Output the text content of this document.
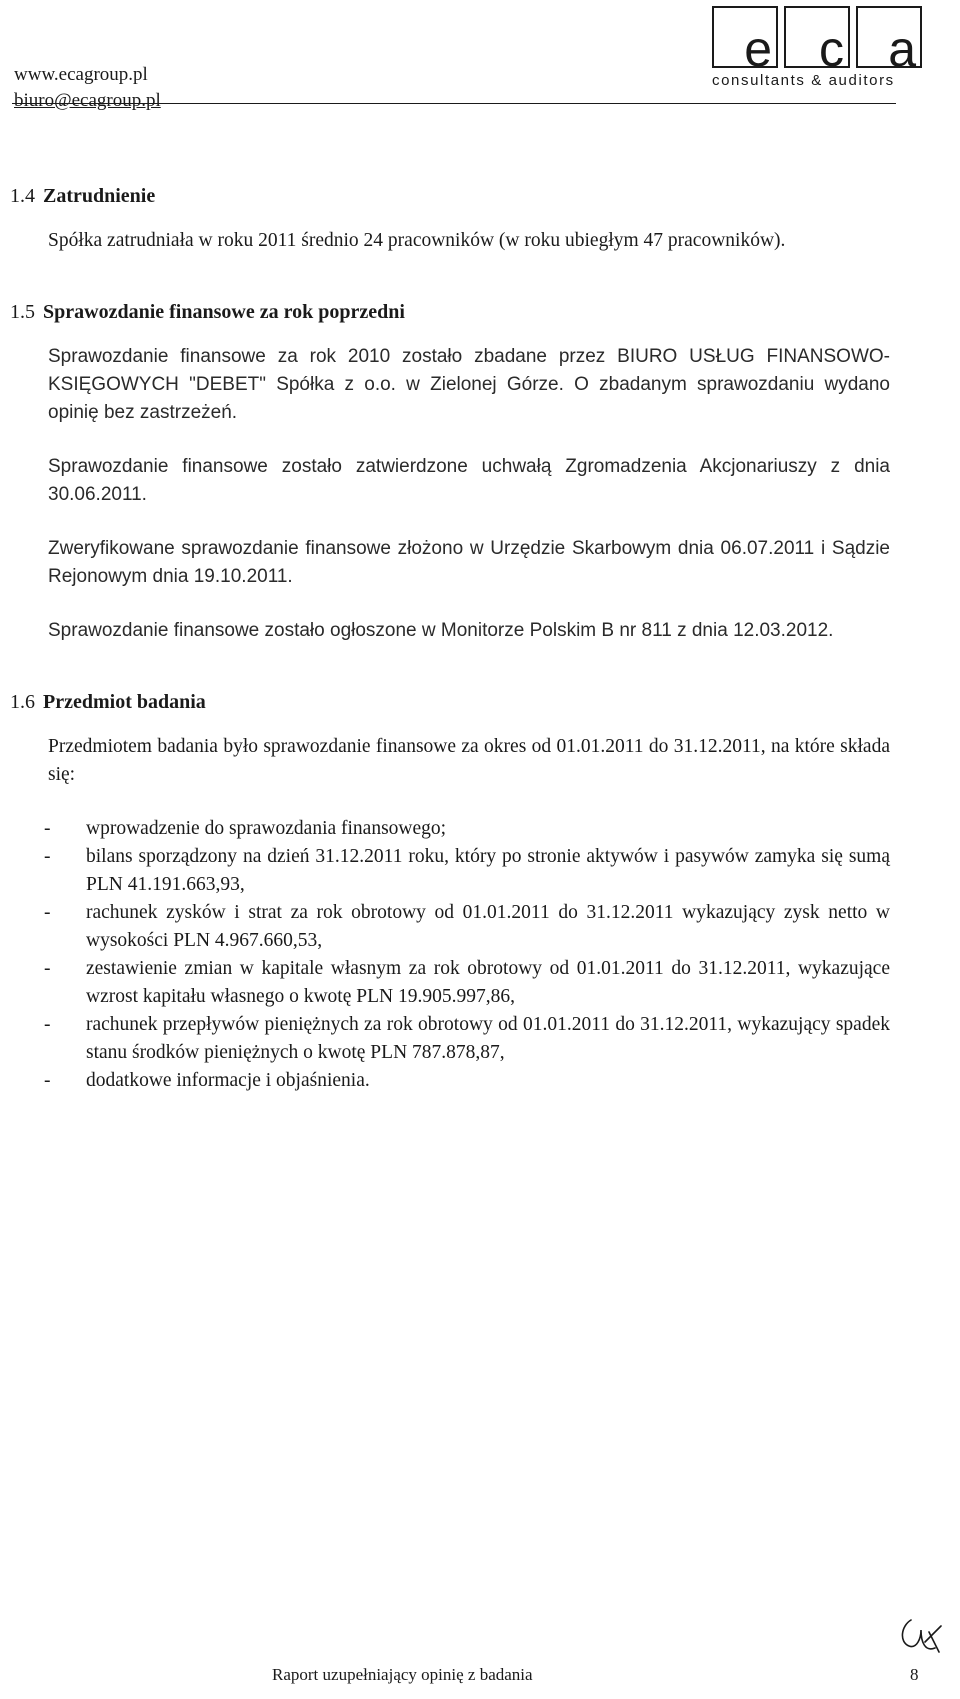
www.ecagroup.pl
biuro@ecagroup.pl
e c a
consultants & auditors
1.4 Zatrudnienie

Spółka zatrudniała w roku 2011 średnio 24 pracowników (w roku ubiegłym 47 pracowników).

1.5 Sprawozdanie finansowe za rok poprzedni

Sprawozdanie finansowe za rok 2010 zostało zbadane przez BIURO USŁUG FINANSOWO-KSIĘGOWYCH "DEBET" Spółka z o.o. w Zielonej Górze. O zbadanym sprawozdaniu wydano opinię bez zastrzeżeń.

Sprawozdanie finansowe zostało zatwierdzone uchwałą Zgromadzenia Akcjonariuszy z dnia 30.06.2011.

Zweryfikowane sprawozdanie finansowe złożono w Urzędzie Skarbowym dnia 06.07.2011 i Sądzie Rejonowym dnia 19.10.2011.

Sprawozdanie finansowe zostało ogłoszone w Monitorze Polskim B nr 811 z dnia 12.03.2012.

1.6 Przedmiot badania

Przedmiotem badania było sprawozdanie finansowe za okres od 01.01.2011 do 31.12.2011, na które składa się:

- wprowadzenie do sprawozdania finansowego;
- bilans sporządzony na dzień 31.12.2011 roku, który po stronie aktywów i pasywów zamyka się sumą PLN 41.191.663,93,
- rachunek zysków i strat za rok obrotowy od 01.01.2011 do 31.12.2011 wykazujący zysk netto w wysokości PLN 4.967.660,53,
- zestawienie zmian w kapitale własnym za rok obrotowy od 01.01.2011 do 31.12.2011, wykazujące wzrost kapitału własnego o kwotę PLN 19.905.997,86,
- rachunek przepływów pieniężnych za rok obrotowy od 01.01.2011 do 31.12.2011, wykazujący spadek stanu środków pieniężnych o kwotę PLN 787.878,87,
- dodatkowe informacje i objaśnienia.
Raport uzupełniający opinię z badania	8
